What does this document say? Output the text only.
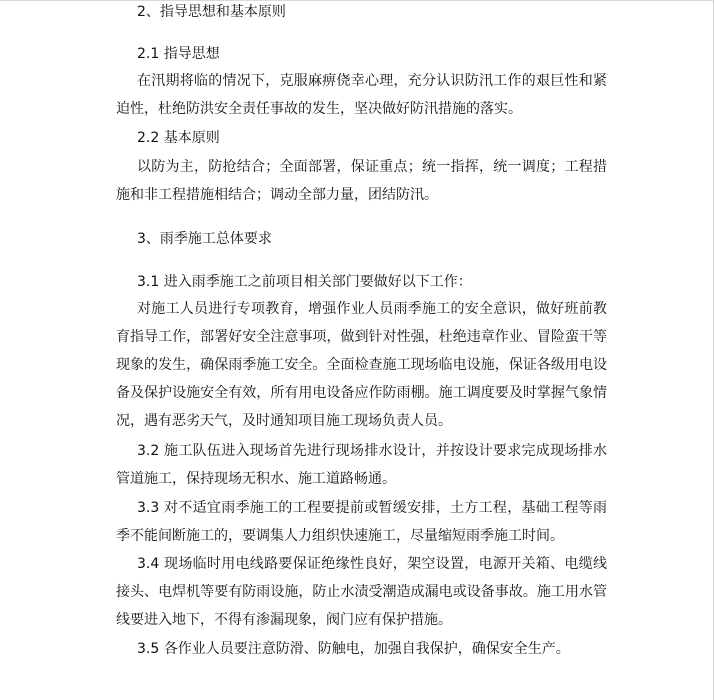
2、指导思想和基本原则
2.1 指导思想
在汛期将临的情况下，克服麻痹侥幸心理，充分认识防汛工作的艰巨性和紧
迫性，杜绝防洪安全责任事故的发生，坚决做好防汛措施的落实。
2.2 基本原则
以防为主，防抢结合；全面部署，保证重点；统一指挥，统一调度；工程措
施和非工程措施相结合；调动全部力量，团结防汛。
3、雨季施工总体要求
3.1 进入雨季施工之前项目相关部门要做好以下工作：
对施工人员进行专项教育，增强作业人员雨季施工的安全意识，做好班前教
育指导工作，部署好安全注意事项，做到针对性强，杜绝违章作业、冒险蛮干等
现象的发生，确保雨季施工安全。全面检查施工现场临电设施，保证各级用电设
备及保护设施安全有效，所有用电设备应作防雨棚。施工调度要及时掌握气象情
况，遇有恶劣天气，及时通知项目施工现场负责人员。
3.2 施工队伍进入现场首先进行现场排水设计，并按设计要求完成现场排水
管道施工，保持现场无积水、施工道路畅通。
3.3 对不适宜雨季施工的工程要提前或暂缓安排，土方工程，基础工程等雨
季不能间断施工的，要调集人力组织快速施工，尽量缩短雨季施工时间。
3.4 现场临时用电线路要保证绝缘性良好，架空设置，电源开关箱、电缆线
接头、电焊机等要有防雨设施，防止水渍受潮造成漏电或设备事故。施工用水管
线要进入地下，不得有渗漏现象，阀门应有保护措施。
3.5 各作业人员要注意防滑、防触电，加强自我保护，确保安全生产。
